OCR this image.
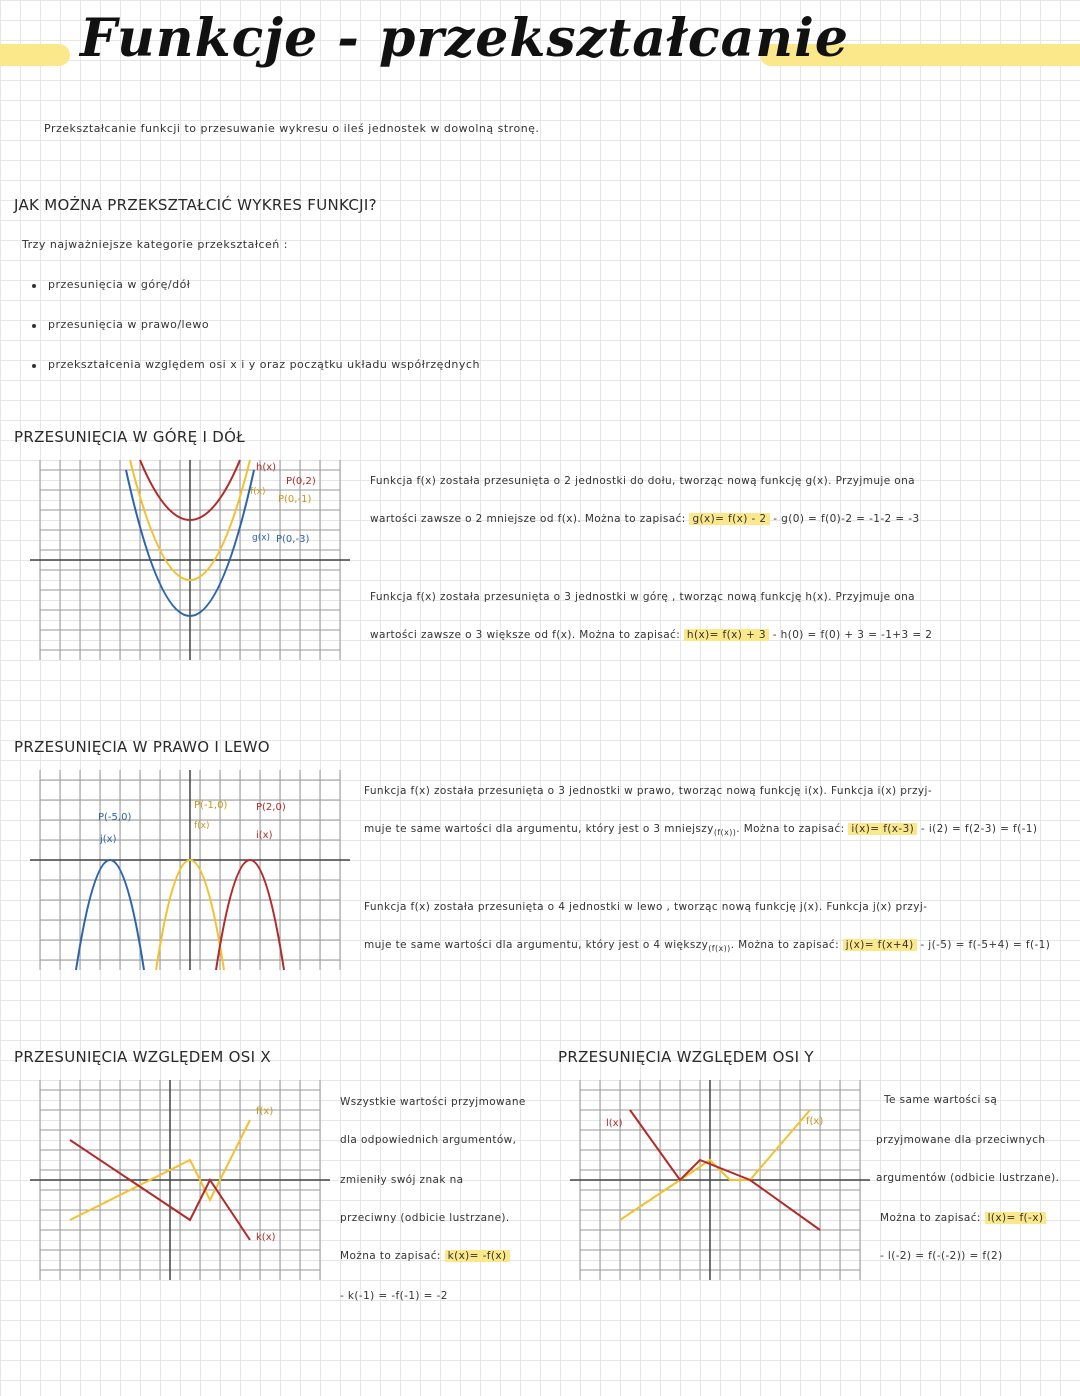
Funkcje - przekształcanie
Przekształcanie funkcji to przesuwanie wykresu o ileś jednostek w dowolną stronę.
JAK MOŻNA PRZEKSZTAŁCIĆ WYKRES FUNKCJI?
Trzy najważniejsze kategorie przekształceń :
przesunięcia w górę/dół
przesunięcia w prawo/lewo
przekształcenia względem osi x i y oraz początku układu współrzędnych
PRZESUNIĘCIA W GÓRĘ I DÓŁ
h(x)
f(x)
g(x)
P(0,2)
P(0,-1)
P(0,-3)
Funkcja f(x) została przesunięta o 2 jednostki do dołu, tworząc nową funkcję g(x). Przyjmuje ona
wartości zawsze o 2 mniejsze od f(x). Można to zapisać: g(x)= f(x) - 2 - g(0) = f(0)-2 = -1-2 = -3
Funkcja f(x) została przesunięta o 3 jednostki w górę , tworząc nową funkcję h(x). Przyjmuje ona
wartości zawsze o 3 większe od f(x). Można to zapisać: h(x)= f(x) + 3 - h(0) = f(0) + 3 = -1+3 = 2
PRZESUNIĘCIA W PRAWO I LEWO
P(-5,0)
j(x)
P(-1,0)
f(x)
P(2,0)
i(x)
Funkcja f(x) została przesunięta o 3 jednostki w prawo, tworząc nową funkcję i(x). Funkcja i(x) przyj-
muje te same wartości dla argumentu, który jest o 3 mniejszy$_{(f(x))}$. Można to zapisać: i(x)= f(x-3) - i(2) = f(2-3) = f(-1)
Funkcja f(x) została przesunięta o 4 jednostki w lewo , tworząc nową funkcję j(x). Funkcja j(x) przyj-
muje te same wartości dla argumentu, który jest o 4 większy$_{(f(x))}$. Można to zapisać: j(x)= f(x+4) - j(-5) = f(-5+4) = f(-1)
PRZESUNIĘCIA WZGLĘDEM OSI X
f(x)
k(x)
Wszystkie wartości przyjmowane
dla odpowiednich argumentów,
zmieniły swój znak na
przeciwny (odbicie lustrzane).
Można to zapisać: k(x)= -f(x)
- k(-1) = -f(-1) = -2
PRZESUNIĘCIA WZGLĘDEM OSI Y
l(x)	f(x)
Te same wartości są
przyjmowane dla przeciwnych
argumentów (odbicie lustrzane).
Można to zapisać: l(x)= f(-x)
- l(-2) = f(-(-2)) = f(2)
